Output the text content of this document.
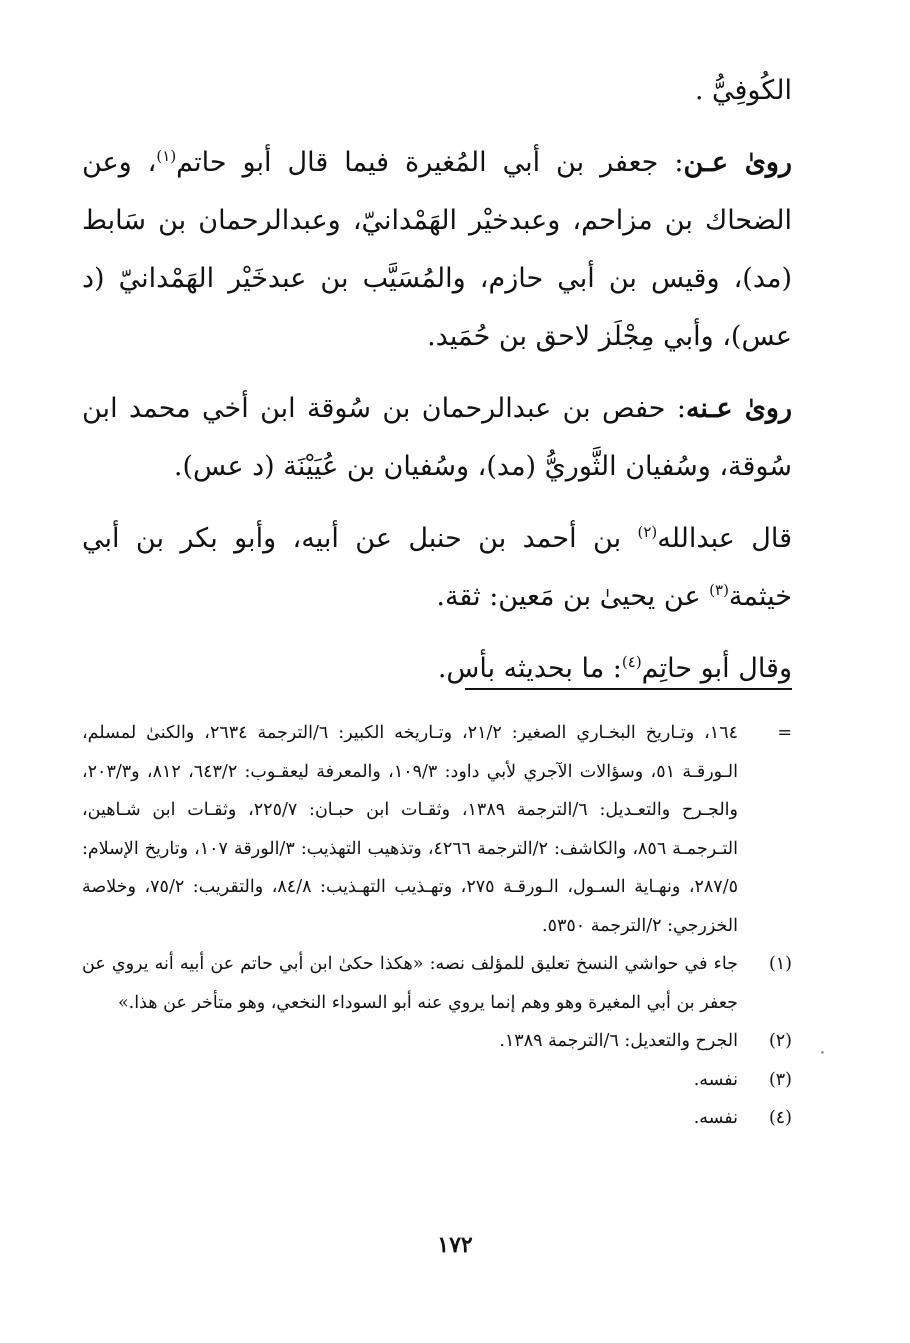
الكُوفِيُّ .

روىٰ عـن: جعفر بن أبي المُغيرة فيما قال أبو حاتم$^{(١)}$، وعن الضحاك بن مزاحم، وعبدخيْر الهَمْدانيّ، وعبدالرحمان بن سَابط (مد)، وقيس بن أبي حازم، والمُسَيَّب بن عبدخَيْر الهَمْدانيّ (د عس)، وأبي مِجْلَز لاحق بن حُمَيد.

روىٰ عـنه: حفص بن عبدالرحمان بن سُوقة ابن أخي محمد ابن سُوقة، وسُفيان الثَّوريُّ (مد)، وسُفيان بن عُيَيْنَة (د عس).

قال عبدالله$^{(٢)}$ بن أحمد بن حنبل عن أبيه، وأبو بكر بن أبي خيثمة$^{(٣)}$ عن يحيىٰ بن مَعين: ثقة.

وقال أبو حاتِم$^{(٤)}$: ما بحديثه بأس.

=
١٦٤، وتـاريخ البخـاري الصغير: ٢١/٢، وتـاريخه الكبير: ٦/الترجمة ٢٦٣٤، والكنىٰ لمسلم، الـورقـة ٥١، وسؤالات الآجري لأبي داود: ١٠٩/٣، والمعرفة ليعقـوب: ٦٤٣/٢، ٨١٢، و٢٠٣/٣، والجـرح والتعـديل: ٦/الترجمة ١٣٨٩، وثقـات ابن حبـان: ٢٢٥/٧، وثقـات ابن شـاهين، التـرجمـة ٨٥٦، والكاشف: ٢/الترجمة ٤٢٦٦، وتذهيب التهذيب: ٣/الورقة ١٠٧، وتاريخ الإسلام: ٢٨٧/٥، ونهـاية السـول، الـورقـة ٢٧٥، وتهـذيب التهـذيب: ٨٤/٨، والتقريب: ٧٥/٢، وخلاصة الخزرجي: ٢/الترجمة ٥٣٥٠.
(١)
جاء في حواشي النسخ تعليق للمؤلف نصه: «هكذا حكىٰ ابن أبي حاتم عن أبيه أنه يروي عن جعفر بن أبي المغيرة وهو وهم إنما يروي عنه أبو السوداء النخعي، وهو متأخر عن هذا.»
(٢)
الجرح والتعديل: ٦/الترجمة ١٣٨٩.
(٣)
نفسه.
(٤)
نفسه.
•
١٧٢
